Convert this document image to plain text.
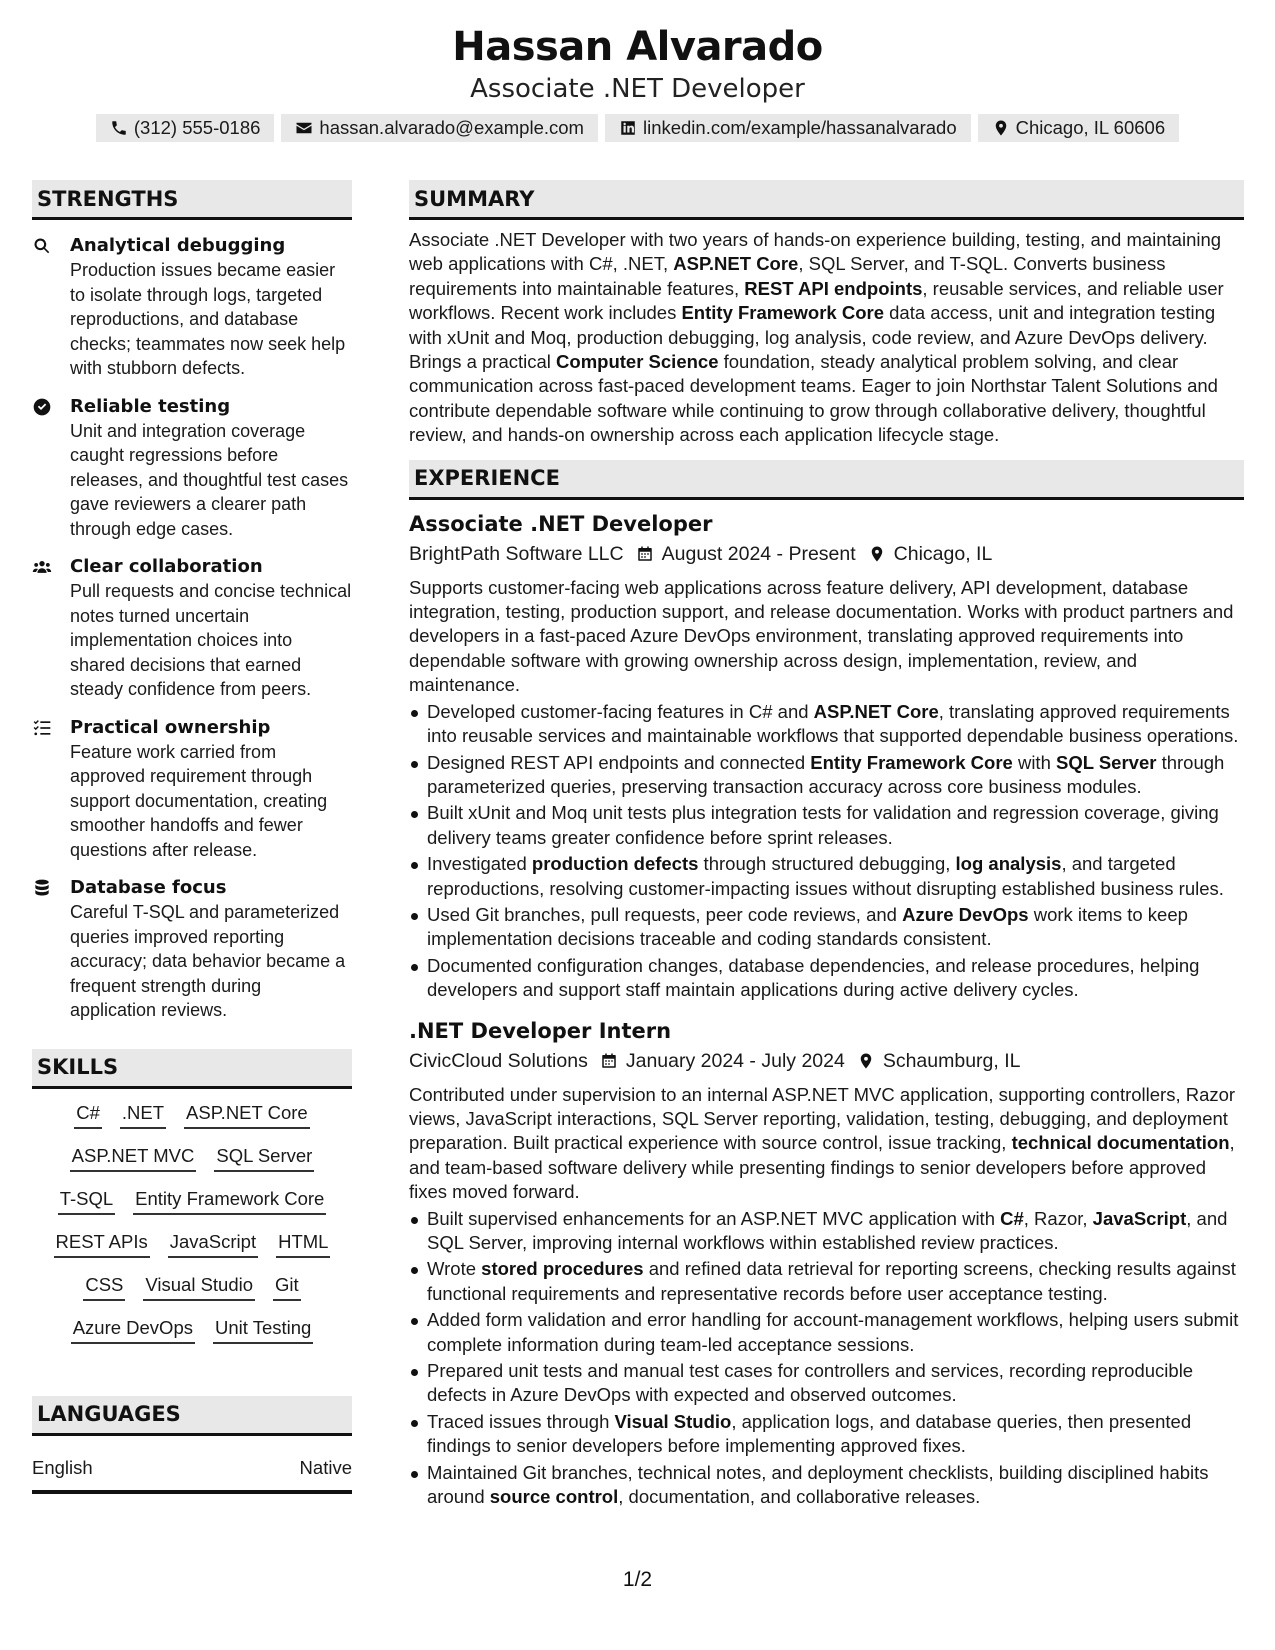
Hassan Alvarado
Associate .NET Developer
(312) 555-0186	hassan.alvarado@example.com	linkedin.com/example/hassanalvarado	Chicago, IL 60606
STRENGTHS
Analytical debugging
Production issues became easier to isolate through logs, targeted reproductions, and database checks; teammates now seek help with stubborn defects.
Reliable testing
Unit and integration coverage caught regressions before releases, and thoughtful test cases gave reviewers a clearer path through edge cases.
Clear collaboration
Pull requests and concise technical notes turned uncertain implementation choices into shared decisions that earned steady confidence from peers.
Practical ownership
Feature work carried from approved requirement through support documentation, creating smoother handoffs and fewer questions after release.
Database focus
Careful T-SQL and parameterized queries improved reporting accuracy; data behavior became a frequent strength during application reviews.
SKILLS
C# .NET ASP.NET Core
ASP.NET MVC SQL Server
T-SQL Entity Framework Core
REST APIs JavaScript HTML
CSS Visual Studio Git
Azure DevOps Unit Testing
LANGUAGES
English	Native
SUMMARY

Associate .NET Developer with two years of hands-on experience building, testing, and maintaining web applications with C#, .NET, ASP.NET Core, SQL Server, and T-SQL. Converts business requirements into maintainable features, REST API endpoints, reusable services, and reliable user workflows. Recent work includes Entity Framework Core data access, unit and integration testing with xUnit and Moq, production debugging, log analysis, code review, and Azure DevOps delivery. Brings a practical Computer Science foundation, steady analytical problem solving, and clear communication across fast-paced development teams. Eager to join Northstar Talent Solutions and contribute dependable software while continuing to grow through collaborative delivery, thoughtful review, and hands-on ownership across each application lifecycle stage.

EXPERIENCE
Associate .NET Developer
BrightPath Software LLC August 2024 - Present Chicago, IL

Supports customer-facing web applications across feature delivery, API development, database integration, testing, production support, and release documentation. Works with product partners and developers in a fast-paced Azure DevOps environment, translating approved requirements into dependable software with growing ownership across design, implementation, review, and maintenance.

Developed customer-facing features in C# and ASP.NET Core, translating approved requirements into reusable services and maintainable workflows that supported dependable business operations.
Designed REST API endpoints and connected Entity Framework Core with SQL Server through parameterized queries, preserving transaction accuracy across core business modules.
Built xUnit and Moq unit tests plus integration tests for validation and regression coverage, giving delivery teams greater confidence before sprint releases.
Investigated production defects through structured debugging, log analysis, and targeted reproductions, resolving customer-impacting issues without disrupting established business rules.
Used Git branches, pull requests, peer code reviews, and Azure DevOps work items to keep implementation decisions traceable and coding standards consistent.
Documented configuration changes, database dependencies, and release procedures, helping developers and support staff maintain applications during active delivery cycles.
.NET Developer Intern
CivicCloud Solutions January 2024 - July 2024 Schaumburg, IL

Contributed under supervision to an internal ASP.NET MVC application, supporting controllers, Razor views, JavaScript interactions, SQL Server reporting, validation, testing, debugging, and deployment preparation. Built practical experience with source control, issue tracking, technical documentation, and team-based software delivery while presenting findings to senior developers before approved fixes moved forward.

Built supervised enhancements for an ASP.NET MVC application with C#, Razor, JavaScript, and SQL Server, improving internal workflows within established review practices.
Wrote stored procedures and refined data retrieval for reporting screens, checking results against functional requirements and representative records before user acceptance testing.
Added form validation and error handling for account-management workflows, helping users submit complete information during team-led acceptance sessions.
Prepared unit tests and manual test cases for controllers and services, recording reproducible defects in Azure DevOps with expected and observed outcomes.
Traced issues through Visual Studio, application logs, and database queries, then presented findings to senior developers before implementing approved fixes.
Maintained Git branches, technical notes, and deployment checklists, building disciplined habits around source control, documentation, and collaborative releases.
1/2
